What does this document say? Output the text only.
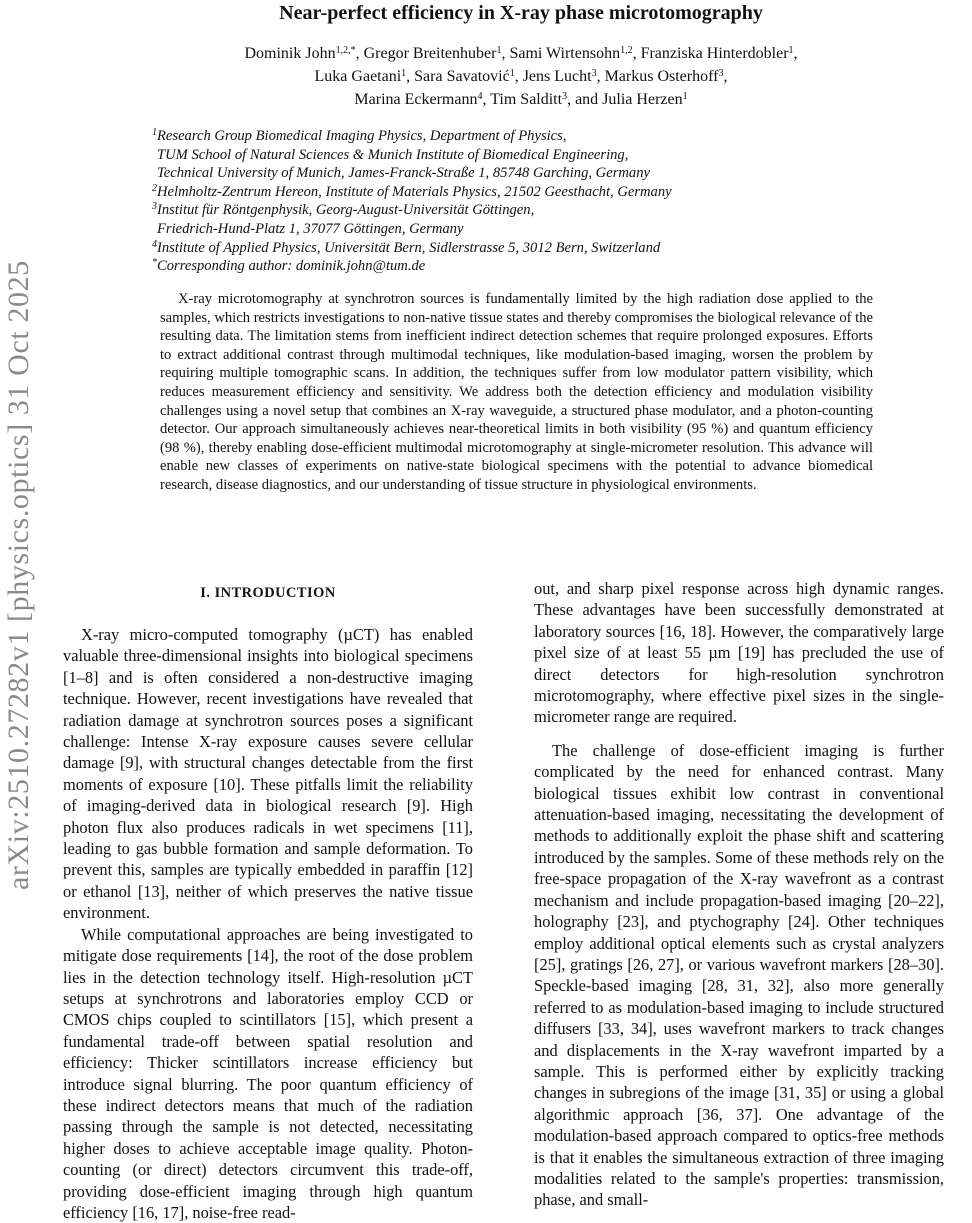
arXiv:2510.27282v1 [physics.optics] 31 Oct 2025
Near-perfect efficiency in X-ray phase microtomography
Dominik John$^{1,2,*}$, Gregor Breitenhuber$^1$, Sami Wirtensohn$^{1,2}$, Franziska Hinterdobler$^1$,
Luka Gaetani$^1$, Sara Savatović$^1$, Jens Lucht$^3$, Markus Osterhoff$^3$,
Marina Eckermann$^4$, Tim Salditt$^3$, and Julia Herzen$^1$
$^1$Research Group Biomedical Imaging Physics, Department of Physics,
TUM School of Natural Sciences & Munich Institute of Biomedical Engineering,
Technical University of Munich, James-Franck-Straße 1, 85748 Garching, Germany
$^2$Helmholtz-Zentrum Hereon, Institute of Materials Physics, 21502 Geesthacht, Germany
$^3$Institut für Röntgenphysik, Georg-August-Universität Göttingen,
Friedrich-Hund-Platz 1, 37077 Göttingen, Germany
$^4$Institute of Applied Physics, Universität Bern, Sidlerstrasse 5, 3012 Bern, Switzerland
*Corresponding author: dominik.john@tum.de
X-ray microtomography at synchrotron sources is fundamentally limited by the high radiation dose applied to the samples, which restricts investigations to non-native tissue states and thereby compromises the biological relevance of the resulting data. The limitation stems from inefficient indirect detection schemes that require prolonged exposures. Efforts to extract additional contrast through multimodal techniques, like modulation-based imaging, worsen the problem by requiring multiple tomographic scans. In addition, the techniques suffer from low modulator pattern visibility, which reduces measurement efficiency and sensitivity. We address both the detection efficiency and modulation visibility challenges using a novel setup that combines an X-ray waveguide, a structured phase modulator, and a photon-counting detector. Our approach simultaneously achieves near-theoretical limits in both visibility (95 %) and quantum efficiency (98 %), thereby enabling dose-efficient multimodal microtomography at single-micrometer resolution. This advance will enable new classes of experiments on native-state biological specimens with the potential to advance biomedical research, disease diagnostics, and our understanding of tissue structure in physiological environments.
I. INTRODUCTION

X-ray micro-computed tomography (µCT) has enabled valuable three-dimensional insights into biological specimens [1–8] and is often considered a non-destructive imaging technique. However, recent investigations have revealed that radiation damage at synchrotron sources poses a significant challenge: Intense X-ray exposure causes severe cellular damage [9], with structural changes detectable from the first moments of exposure [10]. These pitfalls limit the reliability of imaging-derived data in biological research [9]. High photon flux also produces radicals in wet specimens [11], leading to gas bubble formation and sample deformation. To prevent this, samples are typically embedded in paraffin [12] or ethanol [13], neither of which preserves the native tissue environment.

While computational approaches are being investigated to mitigate dose requirements [14], the root of the dose problem lies in the detection technology itself. High-resolution µCT setups at synchrotrons and laboratories employ CCD or CMOS chips coupled to scintillators [15], which present a fundamental trade-off between spatial resolution and efficiency: Thicker scintillators increase efficiency but introduce signal blurring. The poor quantum efficiency of these indirect detectors means that much of the radiation passing through the sample is not detected, necessitating higher doses to achieve acceptable image quality. Photon-counting (or direct) detectors circumvent this trade-off, providing dose-efficient imaging through high quantum efficiency [16, 17], noise-free read-

out, and sharp pixel response across high dynamic ranges. These advantages have been successfully demonstrated at laboratory sources [16, 18]. However, the comparatively large pixel size of at least 55 µm [19] has precluded the use of direct detectors for high-resolution synchrotron microtomography, where effective pixel sizes in the single-micrometer range are required.

The challenge of dose-efficient imaging is further complicated by the need for enhanced contrast. Many biological tissues exhibit low contrast in conventional attenuation-based imaging, necessitating the development of methods to additionally exploit the phase shift and scattering introduced by the samples. Some of these methods rely on the free-space propagation of the X-ray wavefront as a contrast mechanism and include propagation-based imaging [20–22], holography [23], and ptychography [24]. Other techniques employ additional optical elements such as crystal analyzers [25], gratings [26, 27], or various wavefront markers [28–30]. Speckle-based imaging [28, 31, 32], also more generally referred to as modulation-based imaging to include structured diffusers [33, 34], uses wavefront markers to track changes and displacements in the X-ray wavefront imparted by a sample. This is performed either by explicitly tracking changes in subregions of the image [31, 35] or using a global algorithmic approach [36, 37]. One advantage of the modulation-based approach compared to optics-free methods is that it enables the simultaneous extraction of three imaging modalities related to the sample's properties: transmission, phase, and small-
